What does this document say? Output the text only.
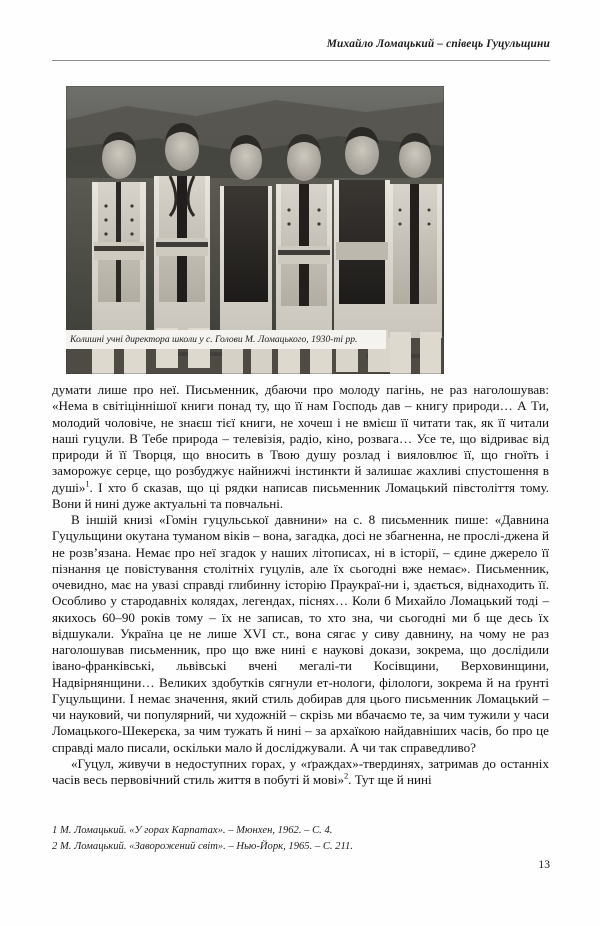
Михайло Ломацький – співець Гуцульщини
Колишні учні директора школи у с. Голови М. Ломацького, 1930-ті рр.

думати лише про неї. Письменник, дбаючи про молоду пагінь, не раз наголошував: «Нема в світіціннішої книги понад ту, що її нам Господь дав – книгу природи… А Ти, молодий чоловіче, не знаєш тієї книги, не хочеш і не вмієш її читати так, як її читали наші гуцули. В Тебе природа – телевізія, радіо, кіно, розвага… Усе те, що відриває від природи й її Творця, що вносить в Твою душу розлад і вияловлює її, що гноїть і заморожує серце, що розбуджує найнижчі інстинкти й залишає жахливі спустошення в душі»$^1$. І хто б сказав, що ці рядки написав письменник Ломацький півстоліття тому. Вони й нині дуже актуальні та повчальні.

В іншій книзі «Гомін гуцульської давнини» на с. 8 письменник пише: «Давнина Гуцульщини окутана туманом віків – вона, загадка, досі не збагненна, не прослі-джена й не розв’язана. Немає про неї згадок у наших літописах, ні в історії, – єдине джерело її пізнання це повістування столітніх гуцулів, але їх сьогодні вже немає». Письменник, очевидно, має на увазі справді глибинну історію Праукраї-ни і, здається, віднаходить її. Особливо у стародавніх колядах, легендах, піснях… Коли б Михайло Ломацький тоді – якихось 60–90 років тому – їх не записав, то хто зна, чи сьогодні ми б ще десь їх відшукали. Україна це не лише XVI ст., вона сягає у сиву давнину, на чому не раз наголошував письменник, про що вже нині є наукові докази, зокрема, що дослідили івано-франківські, львівські вчені мегалі-ти Косівщини, Верховинщини, Надвірнянщини… Великих здобутків сягнули ет-нологи, філологи, зокрема й на ґрунті Гуцульщини. І немає значення, який стиль добирав для цього письменник Ломацький – чи науковий, чи популярний, чи художній – скрізь ми вбачаємо те, за чим тужили у часи Ломацького-Шекерєка, за чим тужать й нині – за архаїкою найдавніших часів, бо про це справді мало писали, оскільки мало й досліджували. А чи так справедливо?

«Гуцул, живучи в недоступних горах, у «ґраждах»-твердинях, затримав до останніх часів весь первовічний стиль життя в побуті й мові»$^2$. Тут ще й нині

1 М. Ломацький. «У горах Карпатах». – Мюнхен, 1962. – С. 4.
2 М. Ломацький. «Заворожений світ». – Нью-Йорк, 1965. – С. 211.
13
